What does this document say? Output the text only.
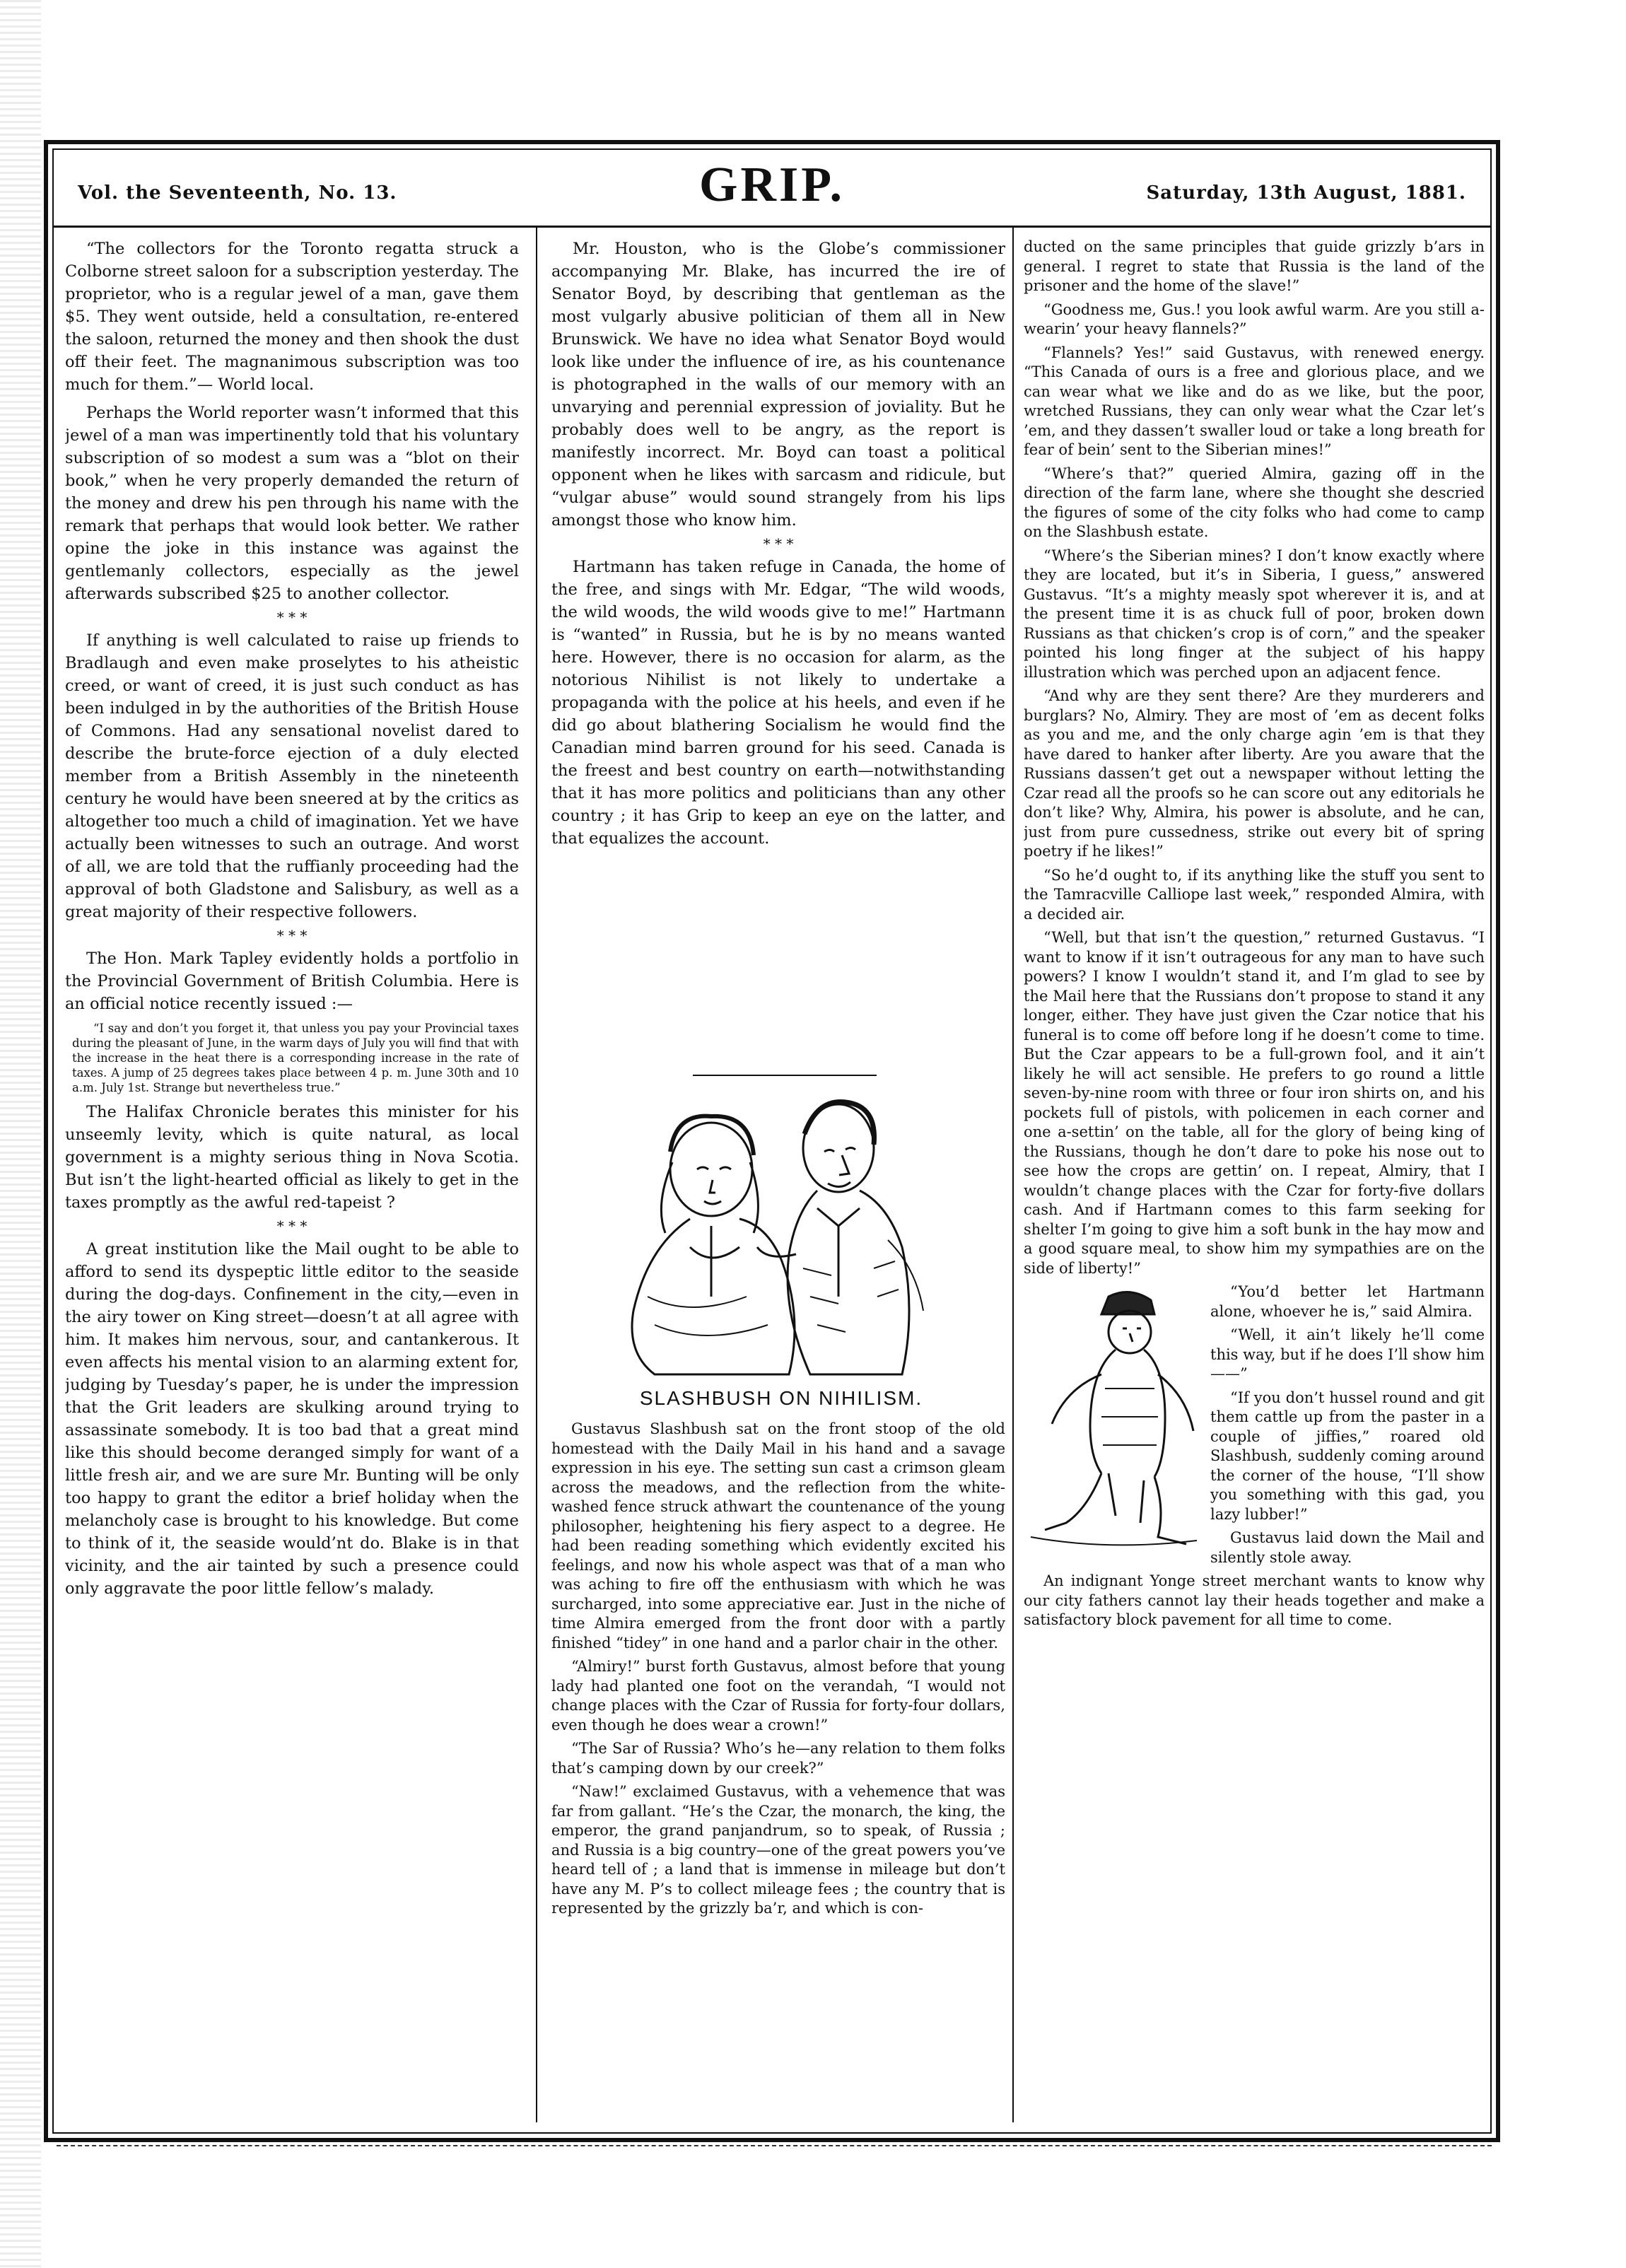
Vol. the Seventeenth, No. 13.	GRIP.	Saturday, 13th August, 1881.

“The collectors for the Toronto regatta struck a Colborne street saloon for a subscription yesterday. The proprietor, who is a regular jewel of a man, gave them $5. They went outside, held a consultation, re-entered the saloon, returned the money and then shook the dust off their feet. The magnanimous subscription was too much for them.”— World local.

Perhaps the World reporter wasn’t informed that this jewel of a man was impertinently told that his voluntary subscription of so modest a sum was a “blot on their book,” when he very properly demanded the return of the money and drew his pen through his name with the remark that perhaps that would look better. We rather opine the joke in this instance was against the gentlemanly collectors, especially as the jewel afterwards subscribed $25 to another collector.

* * *

If anything is well calculated to raise up friends to Bradlaugh and even make proselytes to his atheistic creed, or want of creed, it is just such conduct as has been indulged in by the authorities of the British House of Commons. Had any sensational novelist dared to describe the brute-force ejection of a duly elected member from a British Assembly in the nineteenth century he would have been sneered at by the critics as altogether too much a child of imagination. Yet we have actually been witnesses to such an outrage. And worst of all, we are told that the ruffianly proceeding had the approval of both Gladstone and Salisbury, as well as a great majority of their respective followers.

* * *

The Hon. Mark Tapley evidently holds a portfolio in the Provincial Government of British Columbia. Here is an official notice recently issued :—

“I say and don’t you forget it, that unless you pay your Provincial taxes during the pleasant of June, in the warm days of July you will find that with the increase in the heat there is a corresponding increase in the rate of taxes. A jump of 25 degrees takes place between 4 p. m. June 30th and 10 a.m. July 1st. Strange but nevertheless true.”

The Halifax Chronicle berates this minister for his unseemly levity, which is quite natural, as local government is a mighty serious thing in Nova Scotia. But isn’t the light-hearted official as likely to get in the taxes promptly as the awful red-tapeist ?

* * *

A great institution like the Mail ought to be able to afford to send its dyspeptic little editor to the seaside during the dog-days. Confinement in the city,—even in the airy tower on King street—doesn’t at all agree with him. It makes him nervous, sour, and cantankerous. It even affects his mental vision to an alarming extent for, judging by Tuesday’s paper, he is under the impression that the Grit leaders are skulking around trying to assassinate somebody. It is too bad that a great mind like this should become deranged simply for want of a little fresh air, and we are sure Mr. Bunting will be only too happy to grant the editor a brief holiday when the melancholy case is brought to his knowledge. But come to think of it, the seaside would’nt do. Blake is in that vicinity, and the air tainted by such a presence could only aggravate the poor little fellow’s malady.

Mr. Houston, who is the Globe’s commissioner accompanying Mr. Blake, has incurred the ire of Senator Boyd, by describing that gentleman as the most vulgarly abusive politician of them all in New Brunswick. We have no idea what Senator Boyd would look like under the influence of ire, as his countenance is photographed in the walls of our memory with an unvarying and perennial expression of joviality. But he probably does well to be angry, as the report is manifestly incorrect. Mr. Boyd can toast a political opponent when he likes with sarcasm and ridicule, but “vulgar abuse” would sound strangely from his lips amongst those who know him.

* * *

Hartmann has taken refuge in Canada, the home of the free, and sings with Mr. Edgar, “The wild woods, the wild woods, the wild woods give to me!” Hartmann is “wanted” in Russia, but he is by no means wanted here. However, there is no occasion for alarm, as the notorious Nihilist is not likely to undertake a propaganda with the police at his heels, and even if he did go about blathering Socialism he would find the Canadian mind barren ground for his seed. Canada is the freest and best country on earth—notwithstanding that it has more politics and politicians than any other country ; it has Grip to keep an eye on the latter, and that equalizes the account.

SLASHBUSH ON NIHILISM.

Gustavus Slashbush sat on the front stoop of the old homestead with the Daily Mail in his hand and a savage expression in his eye. The setting sun cast a crimson gleam across the meadows, and the reflection from the white-washed fence struck athwart the countenance of the young philosopher, heightening his fiery aspect to a degree. He had been reading something which evidently excited his feelings, and now his whole aspect was that of a man who was aching to fire off the enthusiasm with which he was surcharged, into some appreciative ear. Just in the niche of time Almira emerged from the front door with a partly finished “tidey” in one hand and a parlor chair in the other.

“Almiry!” burst forth Gustavus, almost before that young lady had planted one foot on the verandah, “I would not change places with the Czar of Russia for forty-four dollars, even though he does wear a crown!”

“The Sar of Russia? Who’s he—any relation to them folks that’s camping down by our creek?”

“Naw!” exclaimed Gustavus, with a vehemence that was far from gallant. “He’s the Czar, the monarch, the king, the emperor, the grand panjandrum, so to speak, of Russia ; and Russia is a big country—one of the great powers you’ve heard tell of ; a land that is immense in mileage but don’t have any M. P’s to collect mileage fees ; the country that is represented by the grizzly ba’r, and which is con-

ducted on the same principles that guide grizzly b’ars in general. I regret to state that Russia is the land of the prisoner and the home of the slave!”

“Goodness me, Gus.! you look awful warm. Are you still a-wearin’ your heavy flannels?”

“Flannels? Yes!” said Gustavus, with renewed energy. “This Canada of ours is a free and glorious place, and we can wear what we like and do as we like, but the poor, wretched Russians, they can only wear what the Czar let’s ’em, and they dassen’t swaller loud or take a long breath for fear of bein’ sent to the Siberian mines!”

“Where’s that?” queried Almira, gazing off in the direction of the farm lane, where she thought she descried the figures of some of the city folks who had come to camp on the Slashbush estate.

“Where’s the Siberian mines? I don’t know exactly where they are located, but it’s in Siberia, I guess,” answered Gustavus. “It’s a mighty measly spot wherever it is, and at the present time it is as chuck full of poor, broken down Russians as that chicken’s crop is of corn,” and the speaker pointed his long finger at the subject of his happy illustration which was perched upon an adjacent fence.

“And why are they sent there? Are they murderers and burglars? No, Almiry. They are most of ’em as decent folks as you and me, and the only charge agin ’em is that they have dared to hanker after liberty. Are you aware that the Russians dassen’t get out a newspaper without letting the Czar read all the proofs so he can score out any editorials he don’t like? Why, Almira, his power is absolute, and he can, just from pure cussedness, strike out every bit of spring poetry if he likes!”

“So he’d ought to, if its anything like the stuff you sent to the Tamracville Calliope last week,” responded Almira, with a decided air.

“Well, but that isn’t the question,” returned Gustavus. “I want to know if it isn’t outrageous for any man to have such powers? I know I wouldn’t stand it, and I’m glad to see by the Mail here that the Russians don’t propose to stand it any longer, either. They have just given the Czar notice that his funeral is to come off before long if he doesn’t come to time. But the Czar appears to be a full-grown fool, and it ain’t likely he will act sensible. He prefers to go round a little seven-by-nine room with three or four iron shirts on, and his pockets full of pistols, with policemen in each corner and one a-settin’ on the table, all for the glory of being king of the Russians, though he don’t dare to poke his nose out to see how the crops are gettin’ on. I repeat, Almiry, that I wouldn’t change places with the Czar for forty-five dollars cash. And if Hartmann comes to this farm seeking for shelter I’m going to give him a soft bunk in the hay mow and a good square meal, to show him my sympathies are on the side of liberty!”

“You’d better let Hartmann alone, whoever he is,” said Almira.

“Well, it ain’t likely he’ll come this way, but if he does I’ll show him——”

“If you don’t hussel round and git them cattle up from the paster in a couple of jiffies,” roared old Slashbush, suddenly coming around the corner of the house, “I’ll show you something with this gad, you lazy lubber!”

Gustavus laid down the Mail and silently stole away.

An indignant Yonge street merchant wants to know why our city fathers cannot lay their heads together and make a satisfactory block pavement for all time to come.
